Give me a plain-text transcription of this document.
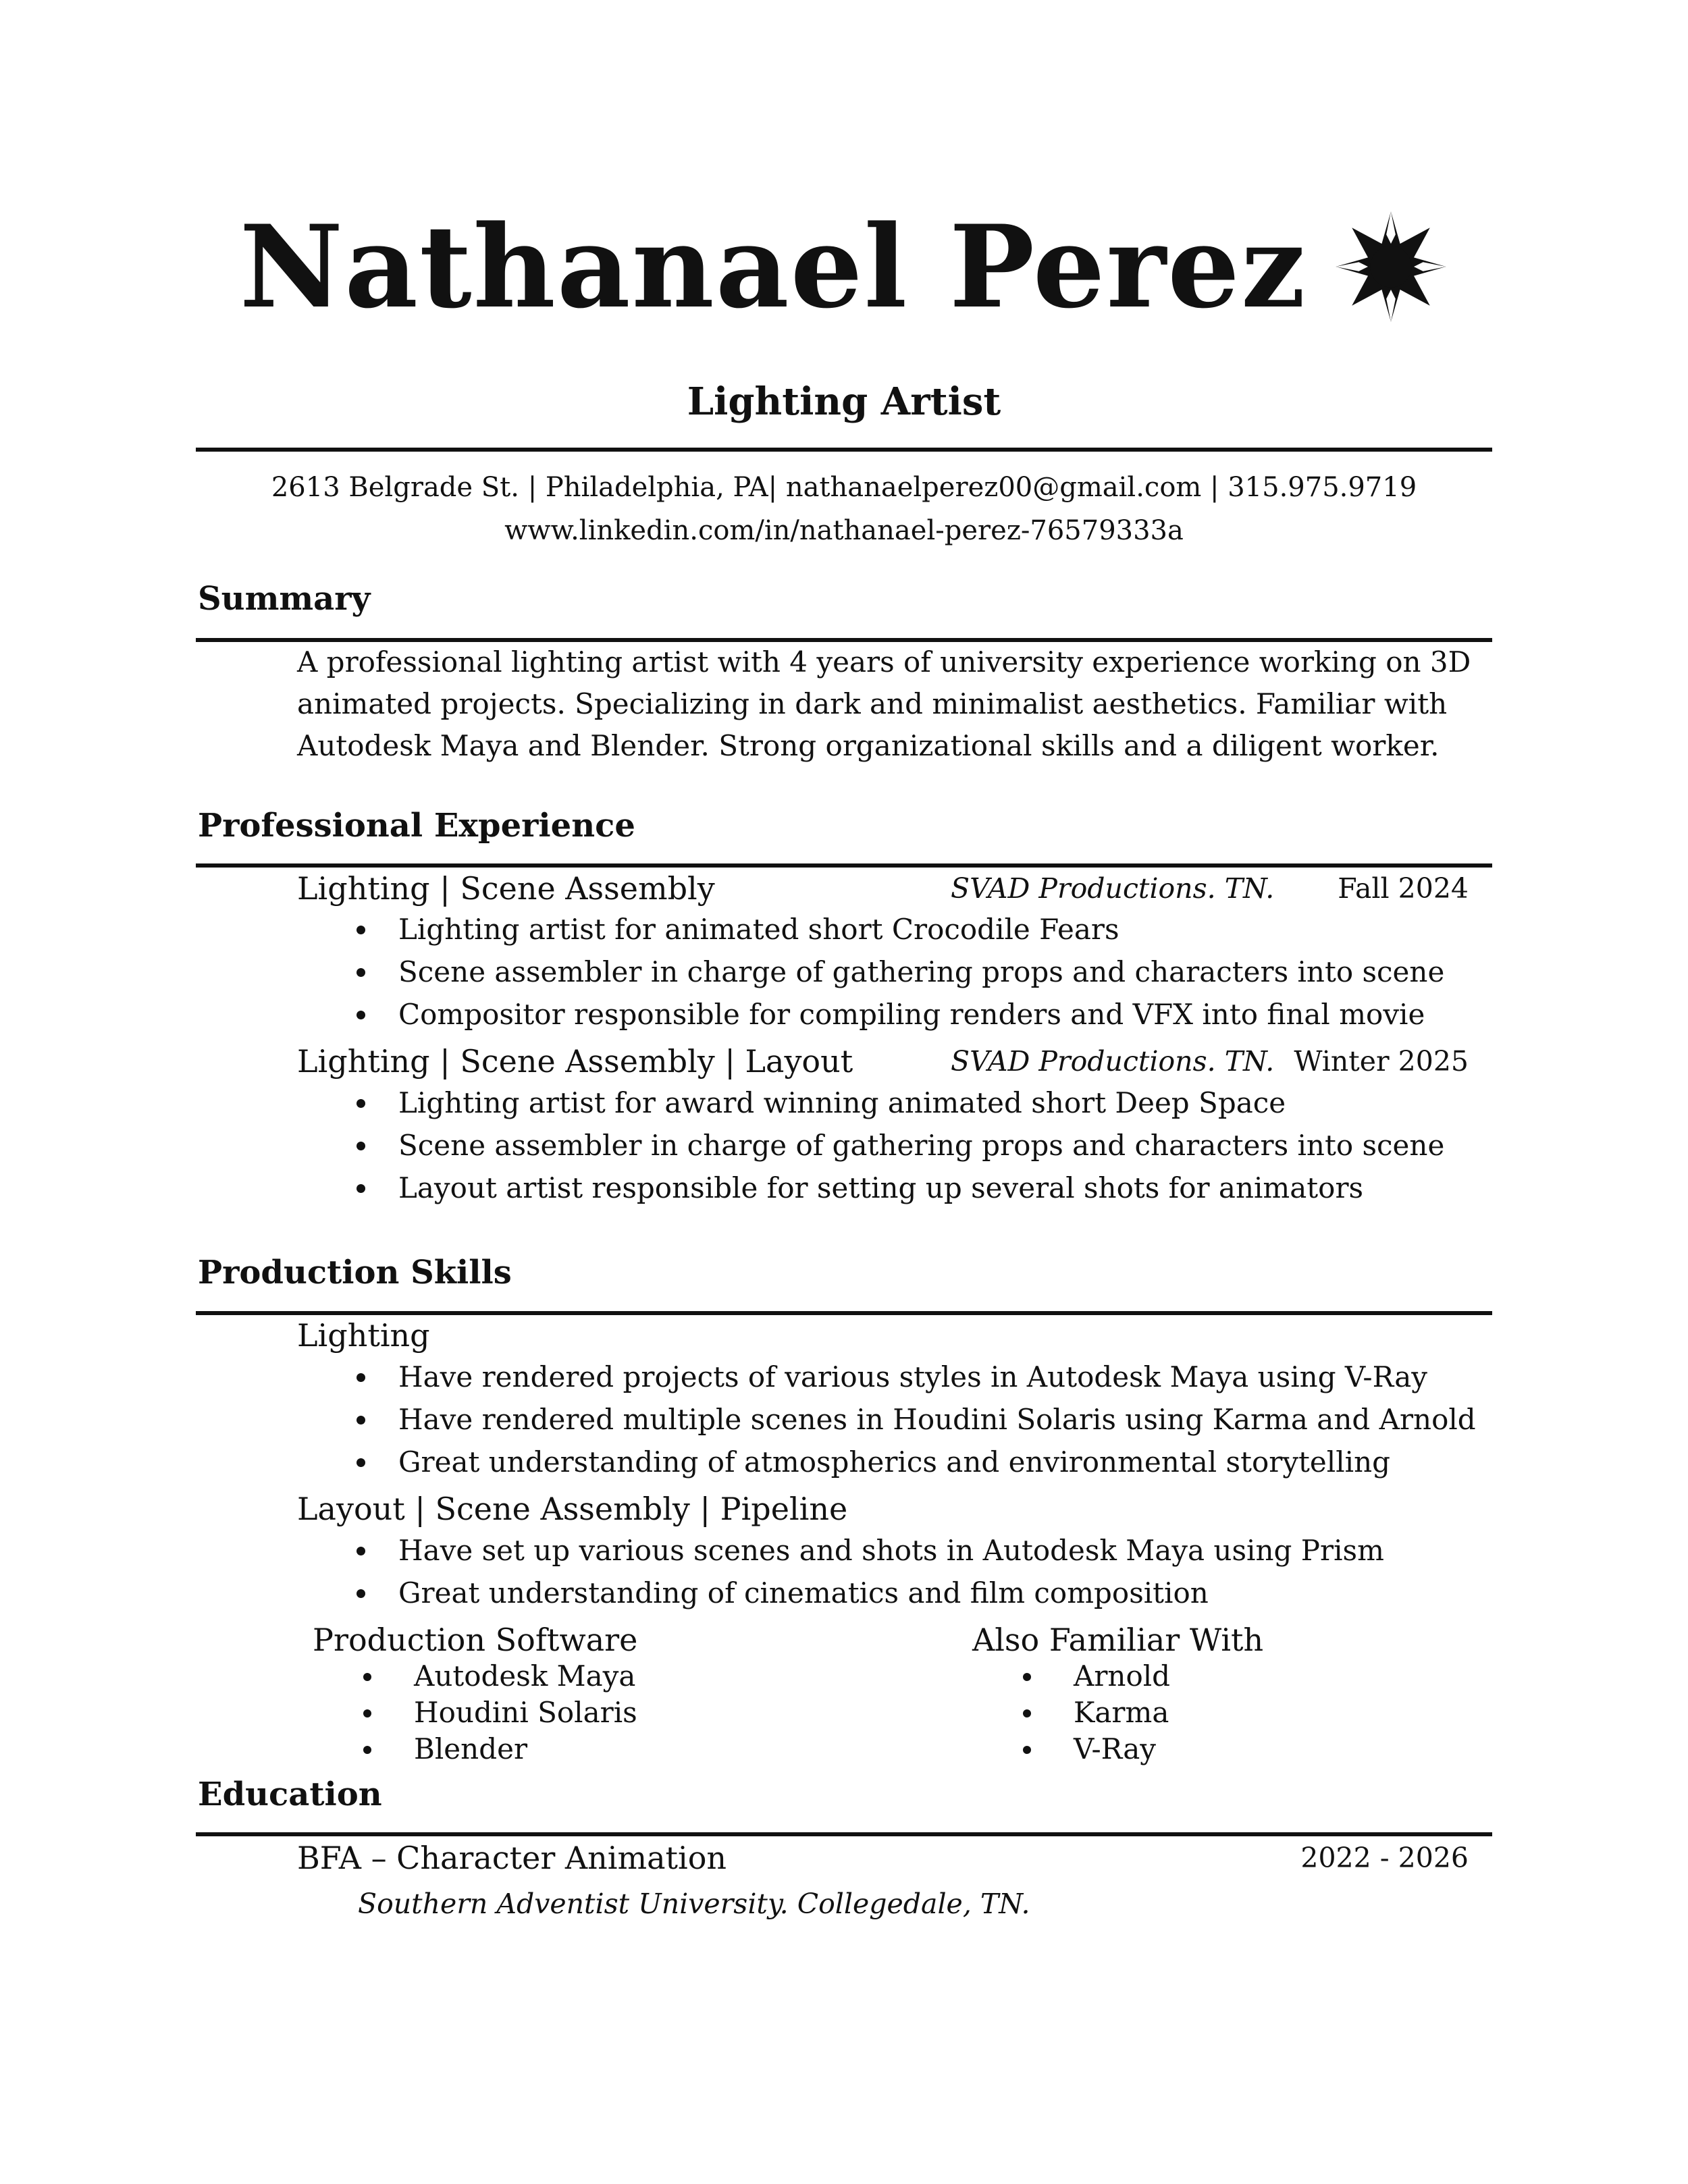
Nathanael Perez
Lighting Artist
2613 Belgrade St. | Philadelphia, PA| nathanaelperez00@gmail.com | 315.975.9719
www.linkedin.com/in/nathanael-perez-76579333a
Summary
A professional lighting artist with 4 years of university experience working on 3D
animated projects. Specializing in dark and minimalist aesthetics. Familiar with
Autodesk Maya and Blender. Strong organizational skills and a diligent worker.
Professional Experience
Lighting | Scene Assembly	SVAD Productions. TN.	Fall 2024
Lighting artist for animated short Crocodile Fears
Scene assembler in charge of gathering props and characters into scene
Compositor responsible for compiling renders and VFX into final movie
Lighting | Scene Assembly | Layout	SVAD Productions. TN. Winter 2025
Lighting artist for award winning animated short Deep Space
Scene assembler in charge of gathering props and characters into scene
Layout artist responsible for setting up several shots for animators
Production Skills
Lighting
Have rendered projects of various styles in Autodesk Maya using V-Ray
Have rendered multiple scenes in Houdini Solaris using Karma and Arnold
Great understanding of atmospherics and environmental storytelling
Layout | Scene Assembly | Pipeline
Have set up various scenes and shots in Autodesk Maya using Prism
Great understanding of cinematics and film composition
Production Software
Autodesk Maya
Houdini Solaris
Blender
Also Familiar With
Arnold
Karma
V-Ray
Education
BFA – Character Animation	2022 - 2026
Southern Adventist University. Collegedale, TN.
